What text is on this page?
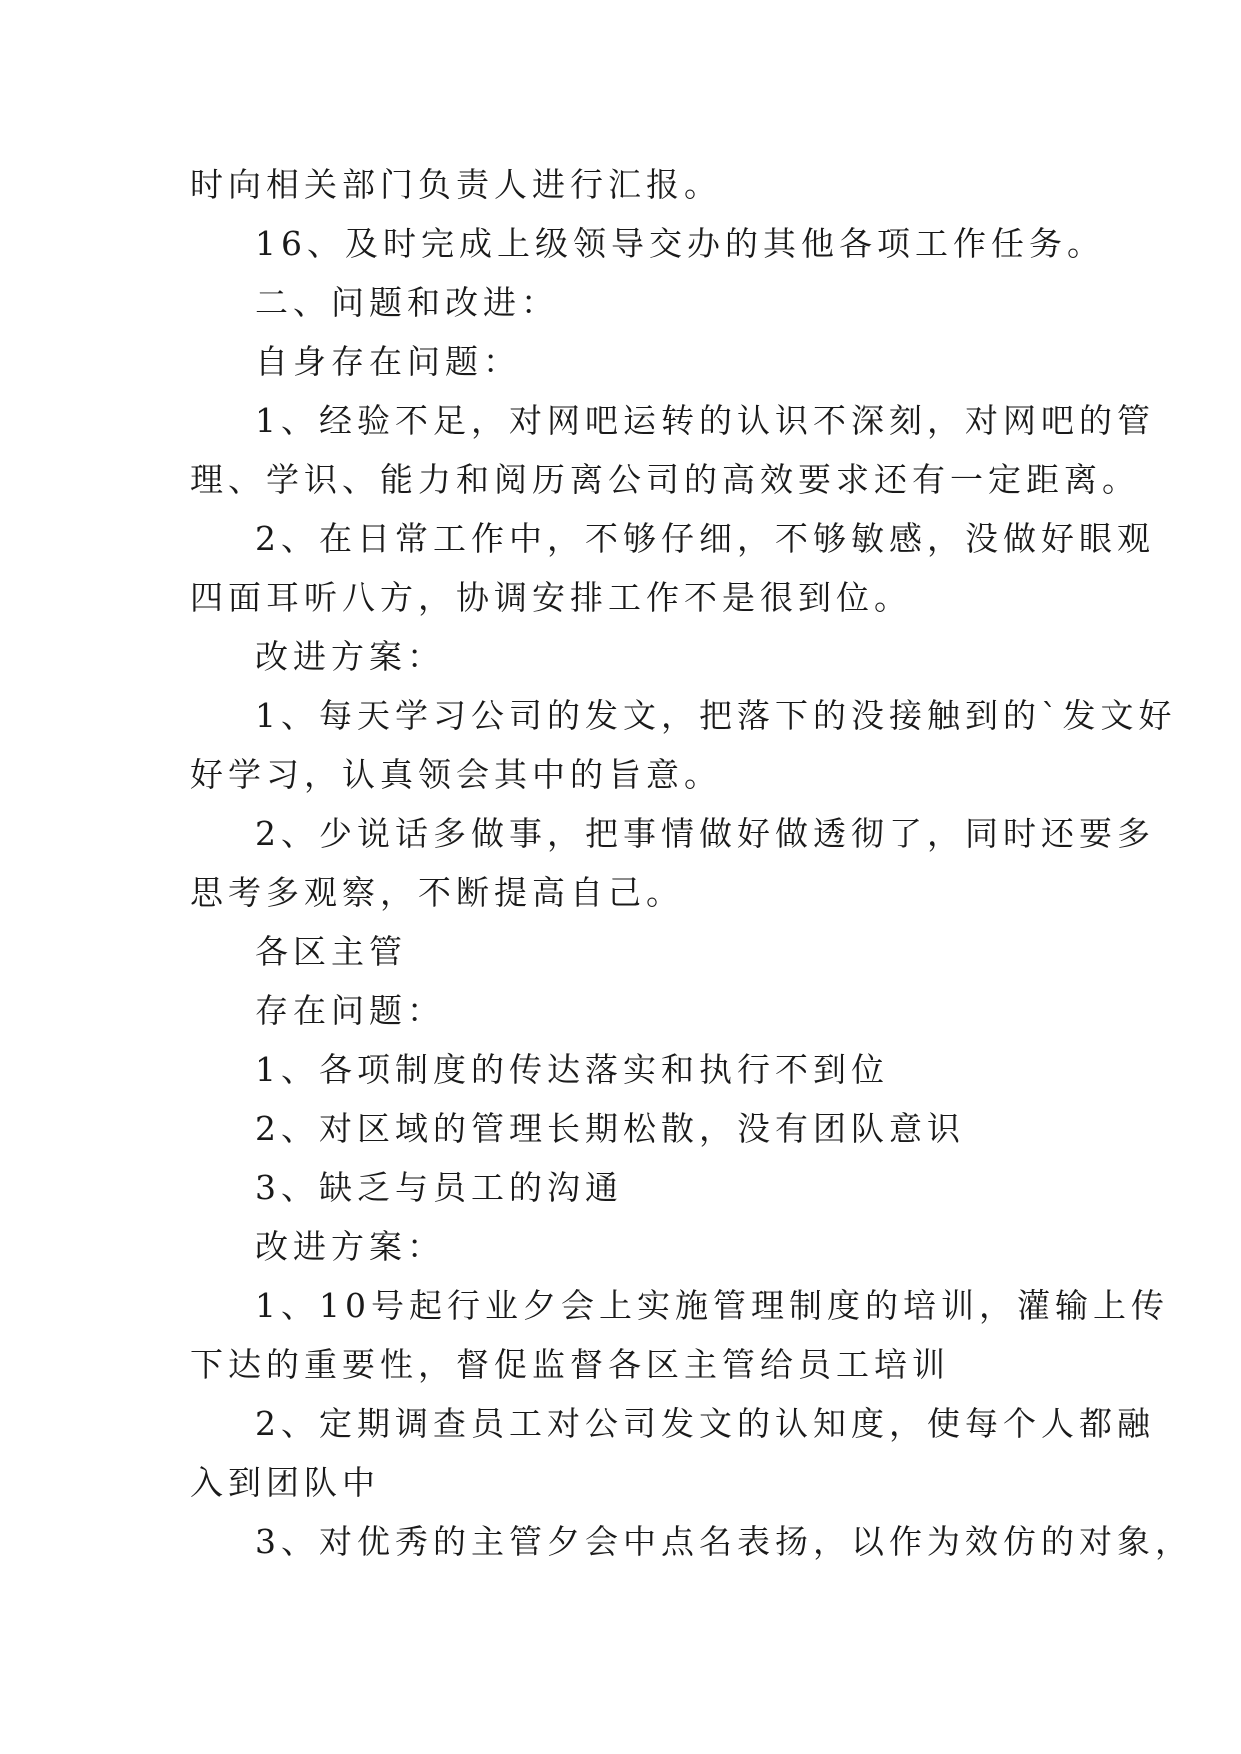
时向相关部门负责人进行汇报。
16、及时完成上级领导交办的其他各项工作任务。
二、问题和改进：
自身存在问题：
1、经验不足，对网吧运转的认识不深刻，对网吧的管
理、学识、能力和阅历离公司的高效要求还有一定距离。
2、在日常工作中，不够仔细，不够敏感，没做好眼观
四面耳听八方，协调安排工作不是很到位。
改进方案：
1、每天学习公司的发文，把落下的没接触到的`发文好
好学习，认真领会其中的旨意。
2、少说话多做事，把事情做好做透彻了，同时还要多
思考多观察，不断提高自己。
各区主管
存在问题：
1、各项制度的传达落实和执行不到位
2、对区域的管理长期松散，没有团队意识
3、缺乏与员工的沟通
改进方案：
1、10号起行业夕会上实施管理制度的培训，灌输上传
下达的重要性，督促监督各区主管给员工培训
2、定期调查员工对公司发文的认知度，使每个人都融
入到团队中
3、对优秀的主管夕会中点名表扬，以作为效仿的对象，
